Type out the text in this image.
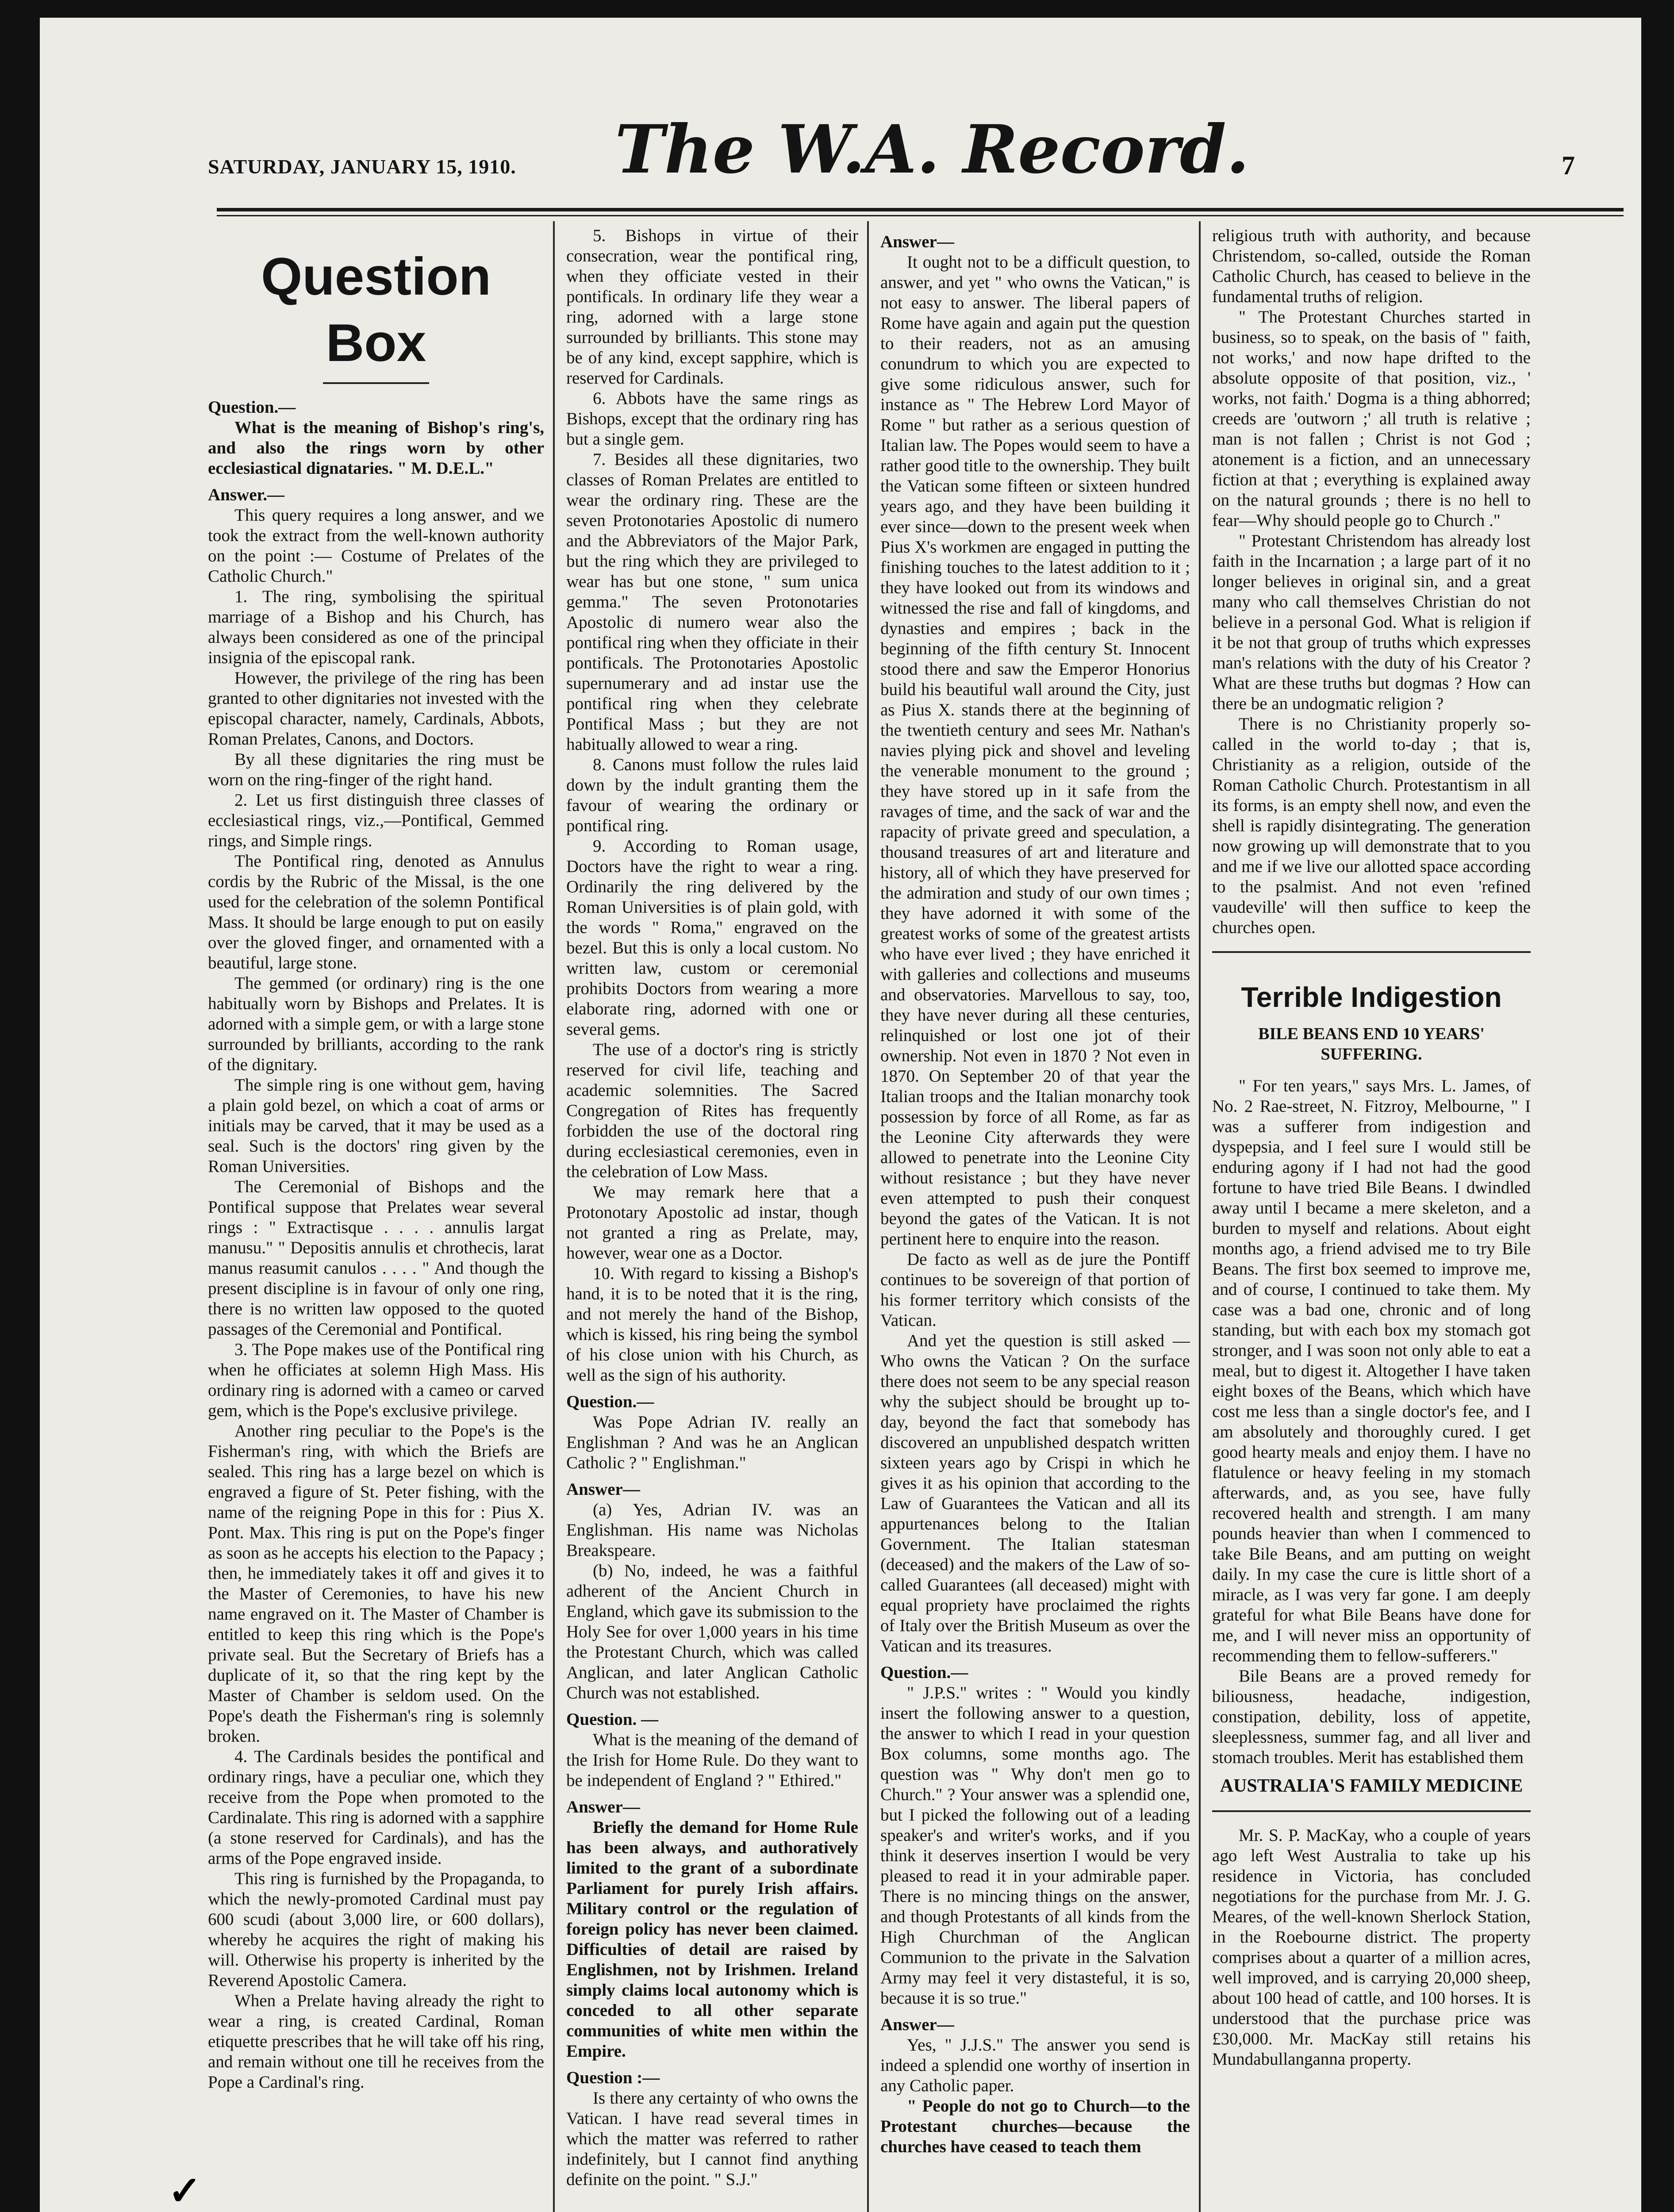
SATURDAY, JANUARY 15, 1910. The W.A. Record.	7
Question Box

Question.—

What is the meaning of Bishop's ring's, and also the rings worn by other ecclesiastical dignataries. " M. D.E.L."

Answer.—

This query requires a long answer, and we took the extract from the well-known authority on the point :— Costume of Prelates of the Catholic Church."

1. The ring, symbolising the spiritual marriage of a Bishop and his Church, has always been considered as one of the principal insignia of the episcopal rank.

However, the privilege of the ring has been granted to other dignitaries not invested with the episcopal character, namely, Cardinals, Abbots, Roman Prelates, Canons, and Doctors.

By all these dignitaries the ring must be worn on the ring-finger of the right hand.

2. Let us first distinguish three classes of ecclesiastical rings, viz.,—Pontifical, Gemmed rings, and Simple rings.

The Pontifical ring, denoted as Annulus cordis by the Rubric of the Missal, is the one used for the celebration of the solemn Pontifical Mass. It should be large enough to put on easily over the gloved finger, and ornamented with a beautiful, large stone.

The gemmed (or ordinary) ring is the one habitually worn by Bishops and Prelates. It is adorned with a simple gem, or with a large stone surrounded by brilliants, according to the rank of the dignitary.

The simple ring is one without gem, having a plain gold bezel, on which a coat of arms or initials may be carved, that it may be used as a seal. Such is the doctors' ring given by the Roman Universities.

The Ceremonial of Bishops and the Pontifical suppose that Prelates wear several rings : " Extractisque . . . . annulis largat manusu." " Depositis annulis et chrothecis, larat manus reasumit canulos . . . . " And though the present discipline is in favour of only one ring, there is no written law opposed to the quoted passages of the Ceremonial and Pontifical.

3. The Pope makes use of the Pontifical ring when he officiates at solemn High Mass. His ordinary ring is adorned with a cameo or carved gem, which is the Pope's exclusive privilege.

Another ring peculiar to the Pope's is the Fisherman's ring, with which the Briefs are sealed. This ring has a large bezel on which is engraved a figure of St. Peter fishing, with the name of the reigning Pope in this for : Pius X. Pont. Max. This ring is put on the Pope's finger as soon as he accepts his election to the Papacy ; then, he immediately takes it off and gives it to the Master of Ceremonies, to have his new name engraved on it. The Master of Chamber is entitled to keep this ring which is the Pope's private seal. But the Secretary of Briefs has a duplicate of it, so that the ring kept by the Master of Chamber is seldom used. On the Pope's death the Fisherman's ring is solemnly broken.

4. The Cardinals besides the pontifical and ordinary rings, have a peculiar one, which they receive from the Pope when promoted to the Cardinalate. This ring is adorned with a sapphire (a stone reserved for Cardinals), and has the arms of the Pope engraved inside.

This ring is furnished by the Propaganda, to which the newly-promoted Cardinal must pay 600 scudi (about 3,000 lire, or 600 dollars), whereby he acquires the right of making his will. Otherwise his property is inherited by the Reverend Apostolic Camera.

When a Prelate having already the right to wear a ring, is created Cardinal, Roman etiquette prescribes that he will take off his ring, and remain without one till he receives from the Pope a Cardinal's ring.

5. Bishops in virtue of their consecration, wear the pontifical ring, when they officiate vested in their pontificals. In ordinary life they wear a ring, adorned with a large stone surrounded by brilliants. This stone may be of any kind, except sapphire, which is reserved for Cardinals.

6. Abbots have the same rings as Bishops, except that the ordinary ring has but a single gem.

7. Besides all these dignitaries, two classes of Roman Prelates are entitled to wear the ordinary ring. These are the seven Protonotaries Apostolic di numero and the Abbreviators of the Major Park, but the ring which they are privileged to wear has but one stone, " sum unica gemma." The seven Protonotaries Apostolic di numero wear also the pontifical ring when they officiate in their pontificals. The Protonotaries Apostolic supernumerary and ad instar use the pontifical ring when they celebrate Pontifical Mass ; but they are not habitually allowed to wear a ring.

8. Canons must follow the rules laid down by the indult granting them the favour of wearing the ordinary or pontifical ring.

9. According to Roman usage, Doctors have the right to wear a ring. Ordinarily the ring delivered by the Roman Universities is of plain gold, with the words " Roma," engraved on the bezel. But this is only a local custom. No written law, custom or ceremonial prohibits Doctors from wearing a more elaborate ring, adorned with one or several gems.

The use of a doctor's ring is strictly reserved for civil life, teaching and academic solemnities. The Sacred Congregation of Rites has frequently forbidden the use of the doctoral ring during ecclesiastical ceremonies, even in the celebration of Low Mass.

We may remark here that a Protonotary Apostolic ad instar, though not granted a ring as Prelate, may, however, wear one as a Doctor.

10. With regard to kissing a Bishop's hand, it is to be noted that it is the ring, and not merely the hand of the Bishop, which is kissed, his ring being the symbol of his close union with his Church, as well as the sign of his authority.

Question.—

Was Pope Adrian IV. really an Englishman ? And was he an Anglican Catholic ? " Englishman."

Answer—

(a) Yes, Adrian IV. was an Englishman. His name was Nicholas Breakspeare.

(b) No, indeed, he was a faithful adherent of the Ancient Church in England, which gave its submission to the Holy See for over 1,000 years in his time the Protestant Church, which was called Anglican, and later Anglican Catholic Church was not established.

Question. —

What is the meaning of the demand of the Irish for Home Rule. Do they want to be independent of England ? " Ethired."

Answer—

Briefly the demand for Home Rule has been always, and authoratively limited to the grant of a subordinate Parliament for purely Irish affairs. Military control or the regulation of foreign policy has never been claimed. Difficulties of detail are raised by Englishmen, not by Irishmen. Ireland simply claims local autonomy which is conceded to all other separate communities of white men within the Empire.

Question :—

Is there any certainty of who owns the Vatican. I have read several times in which the matter was referred to rather indefinitely, but I cannot find anything definite on the point. " S.J."

Answer—

It ought not to be a difficult question, to answer, and yet " who owns the Vatican," is not easy to answer. The liberal papers of Rome have again and again put the question to their readers, not as an amusing conundrum to which you are expected to give some ridiculous answer, such for instance as " The Hebrew Lord Mayor of Rome " but rather as a serious question of Italian law. The Popes would seem to have a rather good title to the ownership. They built the Vatican some fifteen or sixteen hundred years ago, and they have been building it ever since—down to the present week when Pius X's workmen are engaged in putting the finishing touches to the latest addition to it ; they have looked out from its windows and witnessed the rise and fall of kingdoms, and dynasties and empires ; back in the beginning of the fifth century St. Innocent stood there and saw the Emperor Honorius build his beautiful wall around the City, just as Pius X. stands there at the beginning of the twentieth century and sees Mr. Nathan's navies plying pick and shovel and leveling the venerable monument to the ground ; they have stored up in it safe from the ravages of time, and the sack of war and the rapacity of private greed and speculation, a thousand treasures of art and literature and history, all of which they have preserved for the admiration and study of our own times ; they have adorned it with some of the greatest works of some of the greatest artists who have ever lived ; they have enriched it with galleries and collections and museums and observatories. Marvellous to say, too, they have never during all these centuries, relinquished or lost one jot of their ownership. Not even in 1870 ? Not even in 1870. On September 20 of that year the Italian troops and the Italian monarchy took possession by force of all Rome, as far as the Leonine City afterwards they were allowed to penetrate into the Leonine City without resistance ; but they have never even attempted to push their conquest beyond the gates of the Vatican. It is not pertinent here to enquire into the reason.

De facto as well as de jure the Pontiff continues to be sovereign of that portion of his former territory which consists of the Vatican.

And yet the question is still asked —Who owns the Vatican ? On the surface there does not seem to be any special reason why the subject should be brought up to-day, beyond the fact that somebody has discovered an unpublished despatch written sixteen years ago by Crispi in which he gives it as his opinion that according to the Law of Guarantees the Vatican and all its appurtenances belong to the Italian Government. The Italian statesman (deceased) and the makers of the Law of so-called Guarantees (all deceased) might with equal propriety have proclaimed the rights of Italy over the British Museum as over the Vatican and its treasures.

Question.—

" J.P.S." writes : " Would you kindly insert the following answer to a question, the answer to which I read in your question Box columns, some months ago. The question was " Why don't men go to Church." ? Your answer was a splendid one, but I picked the following out of a leading speaker's and writer's works, and if you think it deserves insertion I would be very pleased to read it in your admirable paper. There is no mincing things on the answer, and though Protestants of all kinds from the High Churchman of the Anglican Communion to the private in the Salvation Army may feel it very distasteful, it is so, because it is so true."

Answer—

Yes, " J.J.S." The answer you send is indeed a splendid one worthy of insertion in any Catholic paper.

" People do not go to Church—to the Protestant churches—because the churches have ceased to teach them

religious truth with authority, and because Christendom, so-called, outside the Roman Catholic Church, has ceased to believe in the fundamental truths of religion.

" The Protestant Churches started in business, so to speak, on the basis of " faith, not works,' and now hape drifted to the absolute opposite of that position, viz., ' works, not faith.' Dogma is a thing abhorred; creeds are 'outworn ;' all truth is relative ; man is not fallen ; Christ is not God ; atonement is a fiction, and an unnecessary fiction at that ; everything is explained away on the natural grounds ; there is no hell to fear—Why should people go to Church ."

" Protestant Christendom has already lost faith in the Incarnation ; a large part of it no longer believes in original sin, and a great many who call themselves Christian do not believe in a personal God. What is religion if it be not that group of truths which expresses man's relations with the duty of his Creator ? What are these truths but dogmas ? How can there be an undogmatic religion ?

There is no Christianity properly so-called in the world to-day ; that is, Christianity as a religion, outside of the Roman Catholic Church. Protestantism in all its forms, is an empty shell now, and even the shell is rapidly disintegrating. The generation now growing up will demonstrate that to you and me if we live our allotted space according to the psalmist. And not even 'refined vaudeville' will then suffice to keep the churches open.

Terrible Indigestion
BILE BEANS END 10 YEARS' SUFFERING.

" For ten years," says Mrs. L. James, of No. 2 Rae-street, N. Fitzroy, Melbourne, " I was a sufferer from indigestion and dyspepsia, and I feel sure I would still be enduring agony if I had not had the good fortune to have tried Bile Beans. I dwindled away until I became a mere skeleton, and a burden to myself and relations. About eight months ago, a friend advised me to try Bile Beans. The first box seemed to improve me, and of course, I continued to take them. My case was a bad one, chronic and of long standing, but with each box my stomach got stronger, and I was soon not only able to eat a meal, but to digest it. Altogether I have taken eight boxes of the Beans, which which have cost me less than a single doctor's fee, and I am absolutely and thoroughly cured. I get good hearty meals and enjoy them. I have no flatulence or heavy feeling in my stomach afterwards, and, as you see, have fully recovered health and strength. I am many pounds heavier than when I commenced to take Bile Beans, and am putting on weight daily. In my case the cure is little short of a miracle, as I was very far gone. I am deeply grateful for what Bile Beans have done for me, and I will never miss an opportunity of recommending them to fellow-sufferers."

Bile Beans are a proved remedy for biliousness, headache, indigestion, constipation, debility, loss of appetite, sleeplessness, summer fag, and all liver and stomach troubles. Merit has established them

AUSTRALIA'S FAMILY MEDICINE

Mr. S. P. MacKay, who a couple of years ago left West Australia to take up his residence in Victoria, has concluded negotiations for the purchase from Mr. J. G. Meares, of the well-known Sherlock Station, in the Roebourne district. The property comprises about a quarter of a million acres, well improved, and is carrying 20,000 sheep, about 100 head of cattle, and 100 horses. It is understood that the purchase price was £30,000. Mr. MacKay still retains his Mundabullanganna property.

✓
